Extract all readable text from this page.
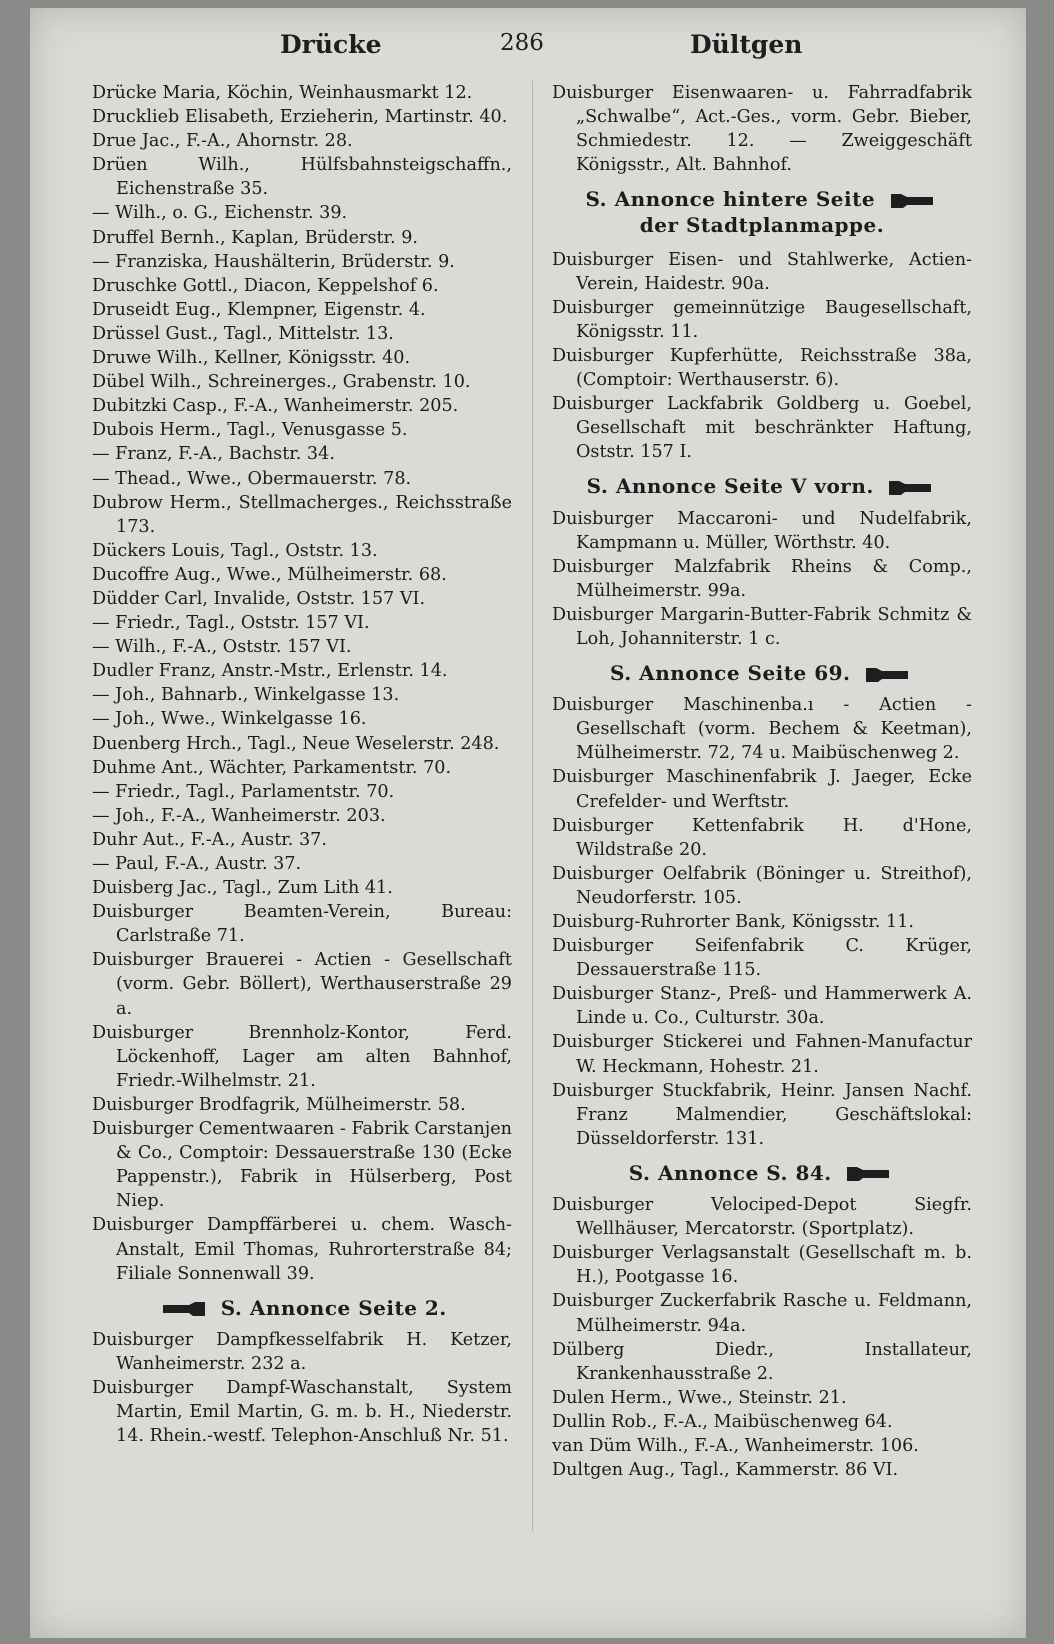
Drücke	286	Dültgen
Drücke Maria, Köchin, Weinhausmarkt 12.
Drucklieb Elisabeth, Erzieherin, Martinstr. 40.
Drue Jac., F.-A., Ahornstr. 28.
Drüen Wilh., Hülfsbahnsteigschaffn., Eichenstraße 35.
— Wilh., o. G., Eichenstr. 39.
Druffel Bernh., Kaplan, Brüderstr. 9.
— Franziska, Haushälterin, Brüderstr. 9.
Druschke Gottl., Diacon, Keppelshof 6.
Druseidt Eug., Klempner, Eigenstr. 4.
Drüssel Gust., Tagl., Mittelstr. 13.
Druwe Wilh., Kellner, Königsstr. 40.
Dübel Wilh., Schreinerges., Grabenstr. 10.
Dubitzki Casp., F.-A., Wanheimerstr. 205.
Dubois Herm., Tagl., Venusgasse 5.
— Franz, F.-A., Bachstr. 34.
— Thead., Wwe., Obermauerstr. 78.
Dubrow Herm., Stellmacherges., Reichsstraße 173.
Dückers Louis, Tagl., Oststr. 13.
Ducoffre Aug., Wwe., Mülheimerstr. 68.
Düdder Carl, Invalide, Oststr. 157 VI.
— Friedr., Tagl., Oststr. 157 VI.
— Wilh., F.-A., Oststr. 157 VI.
Dudler Franz, Anstr.-Mstr., Erlenstr. 14.
— Joh., Bahnarb., Winkelgasse 13.
— Joh., Wwe., Winkelgasse 16.
Duenberg Hrch., Tagl., Neue Weselerstr. 248.
Duhme Ant., Wächter, Parkamentstr. 70.
— Friedr., Tagl., Parlamentstr. 70.
— Joh., F.-A., Wanheimerstr. 203.
Duhr Aut., F.-A., Austr. 37.
— Paul, F.-A., Austr. 37.
Duisberg Jac., Tagl., Zum Lith 41.
Duisburger Beamten-Verein, Bureau: Carlstraße 71.
Duisburger Brauerei - Actien - Gesellschaft (vorm. Gebr. Böllert), Werthauserstraße 29 a.
Duisburger Brennholz-Kontor, Ferd. Löckenhoff, Lager am alten Bahnhof, Friedr.-Wilhelmstr. 21.
Duisburger Brodfagrik, Mülheimerstr. 58.
Duisburger Cementwaaren - Fabrik Carstanjen & Co., Comptoir: Dessauerstraße 130 (Ecke Pappenstr.), Fabrik in Hülserberg, Post Niep.
Duisburger Dampffärberei u. chem. Wasch-Anstalt, Emil Thomas, Ruhrorterstraße 84; Filiale Sonnenwall 39.
S. Annonce Seite 2.
Duisburger Dampfkesselfabrik H. Ketzer, Wanheimerstr. 232 a.
Duisburger Dampf-Waschanstalt, System Martin, Emil Martin, G. m. b. H., Niederstr. 14. Rhein.-westf. Telephon-Anschluß Nr. 51.
Duisburger Eisenwaaren- u. Fahrradfabrik „Schwalbe“, Act.-Ges., vorm. Gebr. Bieber, Schmiedestr. 12. — Zweiggeschäft Königsstr., Alt. Bahnhof.
S. Annonce hintere Seite
der Stadtplanmappe.
Duisburger Eisen- und Stahlwerke, Actien-Verein, Haidestr. 90a.
Duisburger gemeinnützige Baugesellschaft, Königsstr. 11.
Duisburger Kupferhütte, Reichsstraße 38a, (Comptoir: Werthauserstr. 6).
Duisburger Lackfabrik Goldberg u. Goebel, Gesellschaft mit beschränkter Haftung, Oststr. 157 I.
S. Annonce Seite V vorn.
Duisburger Maccaroni- und Nudelfabrik, Kampmann u. Müller, Wörthstr. 40.
Duisburger Malzfabrik Rheins & Comp., Mülheimerstr. 99a.
Duisburger Margarin-Butter-Fabrik Schmitz & Loh, Johanniterstr. 1 c.
S. Annonce Seite 69.
Duisburger Maschinenba.ı - Actien - Gesellschaft (vorm. Bechem & Keetman), Mülheimerstr. 72, 74 u. Maibüschenweg 2.
Duisburger Maschinenfabrik J. Jaeger, Ecke Crefelder- und Werftstr.
Duisburger Kettenfabrik H. d'Hone, Wildstraße 20.
Duisburger Oelfabrik (Böninger u. Streithof), Neudorferstr. 105.
Duisburg-Ruhrorter Bank, Königsstr. 11.
Duisburger Seifenfabrik C. Krüger, Dessauerstraße 115.
Duisburger Stanz-, Preß- und Hammerwerk A. Linde u. Co., Culturstr. 30a.
Duisburger Stickerei und Fahnen-Manufactur W. Heckmann, Hohestr. 21.
Duisburger Stuckfabrik, Heinr. Jansen Nachf. Franz Malmendier, Geschäftslokal: Düsseldorferstr. 131.
S. Annonce S. 84.
Duisburger Velociped-Depot Siegfr. Wellhäuser, Mercatorstr. (Sportplatz).
Duisburger Verlagsanstalt (Gesellschaft m. b. H.), Pootgasse 16.
Duisburger Zuckerfabrik Rasche u. Feldmann, Mülheimerstr. 94a.
Dülberg Diedr., Installateur, Krankenhausstraße 2.
Dulen Herm., Wwe., Steinstr. 21.
Dullin Rob., F.-A., Maibüschenweg 64.
van Düm Wilh., F.-A., Wanheimerstr. 106.
Dultgen Aug., Tagl., Kammerstr. 86 VI.
